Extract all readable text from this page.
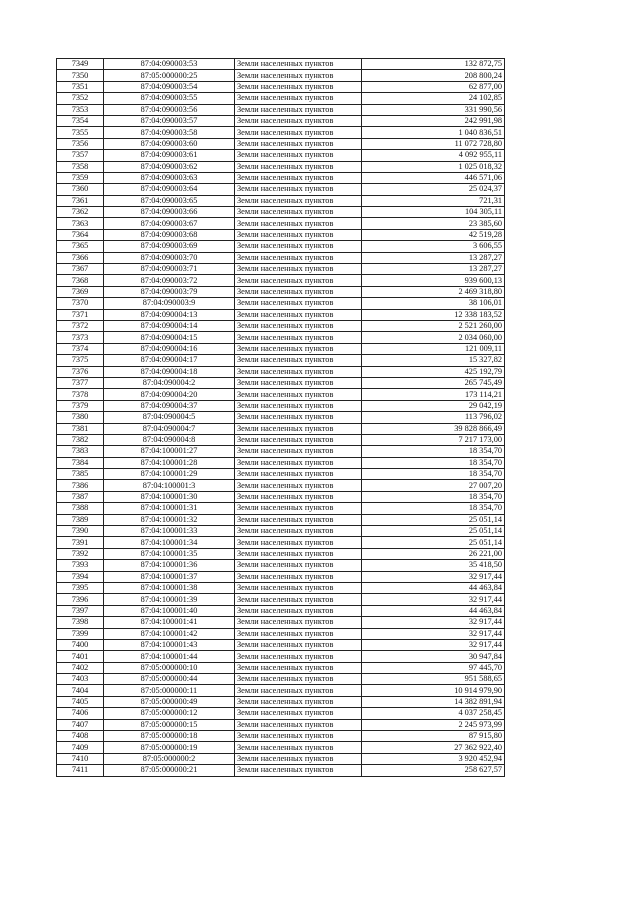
7349	87:04:090003:53	Земли населенных пунктов	132 872,75
7350	87:05:000000:25	Земли населенных пунктов	208 800,24
7351	87:04:090003:54	Земли населенных пунктов	62 877,00
7352	87:04:090003:55	Земли населенных пунктов	24 102,85
7353	87:04:090003:56	Земли населенных пунктов	331 990,56
7354	87:04:090003:57	Земли населенных пунктов	242 991,98
7355	87:04:090003:58	Земли населенных пунктов	1 040 836,51
7356	87:04:090003:60	Земли населенных пунктов	11 072 728,80
7357	87:04:090003:61	Земли населенных пунктов	4 092 955,11
7358	87:04:090003:62	Земли населенных пунктов	1 025 018,32
7359	87:04:090003:63	Земли населенных пунктов	446 571,06
7360	87:04:090003:64	Земли населенных пунктов	25 024,37
7361	87:04:090003:65	Земли населенных пунктов	721,31
7362	87:04:090003:66	Земли населенных пунктов	104 305,11
7363	87:04:090003:67	Земли населенных пунктов	23 385,60
7364	87:04:090003:68	Земли населенных пунктов	42 519,28
7365	87:04:090003:69	Земли населенных пунктов	3 606,55
7366	87:04:090003:70	Земли населенных пунктов	13 287,27
7367	87:04:090003:71	Земли населенных пунктов	13 287,27
7368	87:04:090003:72	Земли населенных пунктов	939 600,13
7369	87:04:090003:79	Земли населенных пунктов	2 469 318,80
7370	87:04:090003:9	Земли населенных пунктов	38 106,01
7371	87:04:090004:13	Земли населенных пунктов	12 338 183,52
7372	87:04:090004:14	Земли населенных пунктов	2 521 260,00
7373	87:04:090004:15	Земли населенных пунктов	2 034 060,00
7374	87:04:090004:16	Земли населенных пунктов	121 009,11
7375	87:04:090004:17	Земли населенных пунктов	15 327,82
7376	87:04:090004:18	Земли населенных пунктов	425 192,79
7377	87:04:090004:2	Земли населенных пунктов	265 745,49
7378	87:04:090004:20	Земли населенных пунктов	173 114,21
7379	87:04:090004:37	Земли населенных пунктов	29 042,19
7380	87:04:090004:5	Земли населенных пунктов	113 796,02
7381	87:04:090004:7	Земли населенных пунктов	39 828 866,49
7382	87:04:090004:8	Земли населенных пунктов	7 217 173,00
7383	87:04:100001:27	Земли населенных пунктов	18 354,70
7384	87:04:100001:28	Земли населенных пунктов	18 354,70
7385	87:04:100001:29	Земли населенных пунктов	18 354,70
7386	87:04:100001:3	Земли населенных пунктов	27 007,20
7387	87:04:100001:30	Земли населенных пунктов	18 354,70
7388	87:04:100001:31	Земли населенных пунктов	18 354,70
7389	87:04:100001:32	Земли населенных пунктов	25 051,14
7390	87:04:100001:33	Земли населенных пунктов	25 051,14
7391	87:04:100001:34	Земли населенных пунктов	25 051,14
7392	87:04:100001:35	Земли населенных пунктов	26 221,00
7393	87:04:100001:36	Земли населенных пунктов	35 418,50
7394	87:04:100001:37	Земли населенных пунктов	32 917,44
7395	87:04:100001:38	Земли населенных пунктов	44 463,84
7396	87:04:100001:39	Земли населенных пунктов	32 917,44
7397	87:04:100001:40	Земли населенных пунктов	44 463,84
7398	87:04:100001:41	Земли населенных пунктов	32 917,44
7399	87:04:100001:42	Земли населенных пунктов	32 917,44
7400	87:04:100001:43	Земли населенных пунктов	32 917,44
7401	87:04:100001:44	Земли населенных пунктов	30 947,84
7402	87:05:000000:10	Земли населенных пунктов	97 445,70
7403	87:05:000000:44	Земли населенных пунктов	951 588,65
7404	87:05:000000:11	Земли населенных пунктов	10 914 979,90
7405	87:05:000000:49	Земли населенных пунктов	14 382 891,94
7406	87:05:000000:12	Земли населенных пунктов	4 037 258,45
7407	87:05:000000:15	Земли населенных пунктов	2 245 973,99
7408	87:05:000000:18	Земли населенных пунктов	87 915,80
7409	87:05:000000:19	Земли населенных пунктов	27 362 922,40
7410	87:05:000000:2	Земли населенных пунктов	3 920 452,94
7411	87:05:000000:21	Земли населенных пунктов	258 627,57
